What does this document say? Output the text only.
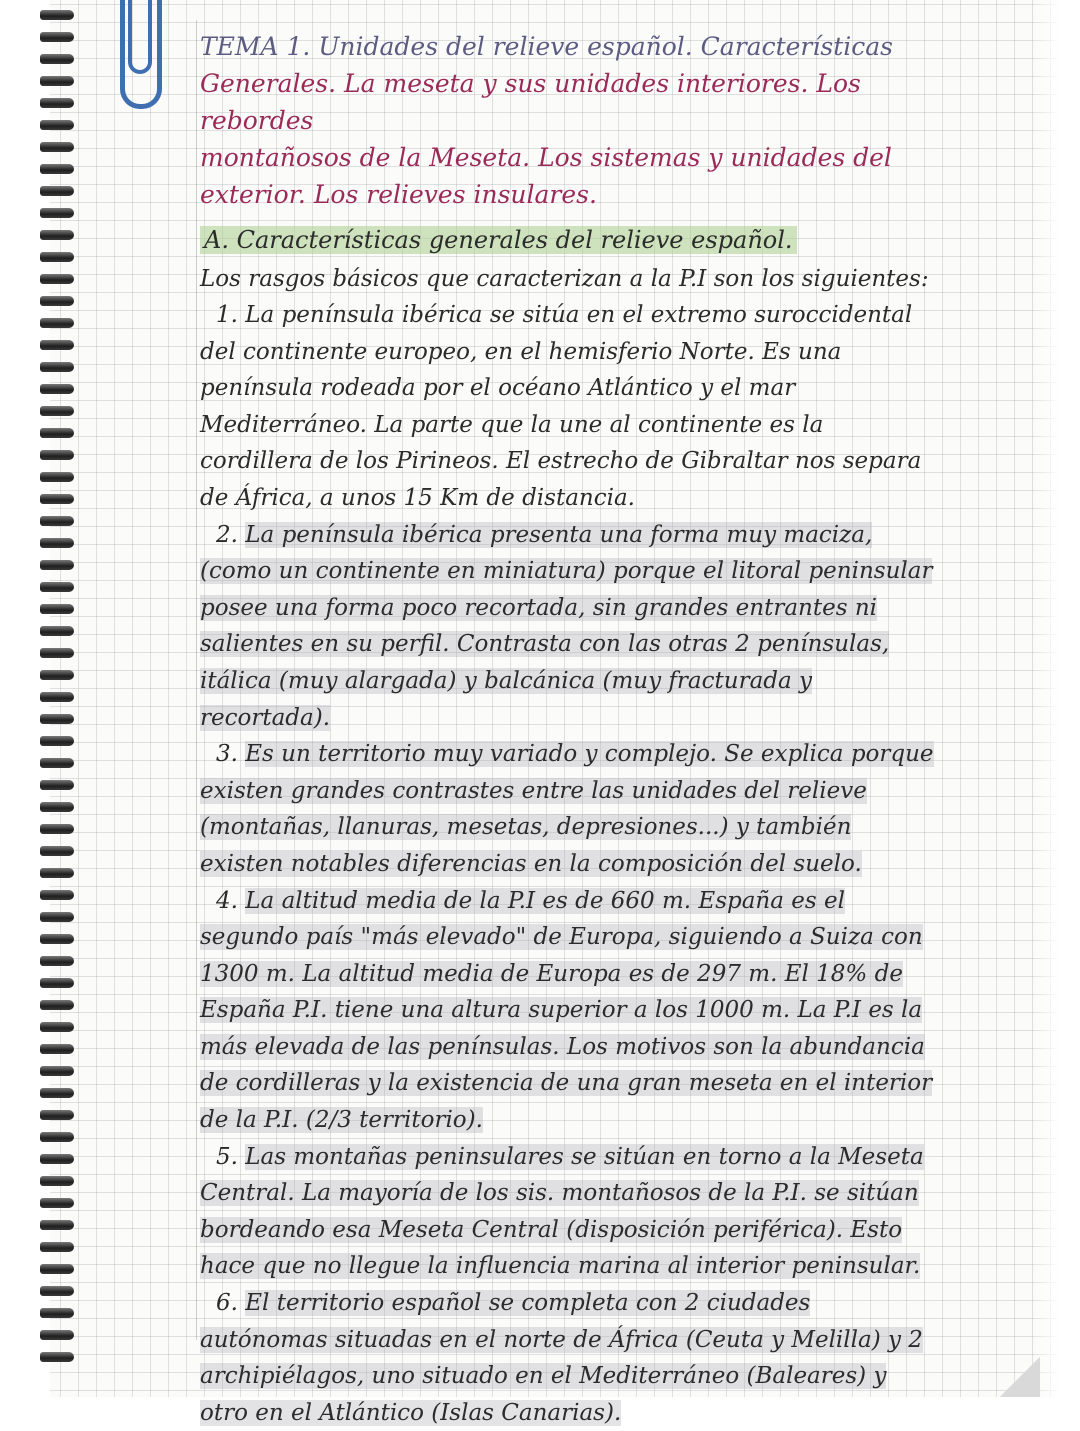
TEMA 1. Unidades del relieve español. Características

Generales. La meseta y sus unidades interiores. Los rebordes

montañosos de la Meseta. Los sistemas y unidades del

exterior. Los relieves insulares.

A. Características generales del relieve español.

Los rasgos básicos que caracterizan a la P.I son los siguientes:

1. La península ibérica se sitúa en el extremo suroccidental del continente europeo, en el hemisferio Norte. Es una península rodeada por el océano Atlántico y el mar Mediterráneo. La parte que la une al continente es la cordillera de los Pirineos. El estrecho de Gibraltar nos separa de África, a unos 15 Km de distancia.

2. La península ibérica presenta una forma muy maciza, (como un continente en miniatura) porque el litoral peninsular posee una forma poco recortada, sin grandes entrantes ni salientes en su perfil. Contrasta con las otras 2 penínsulas, itálica (muy alargada) y balcánica (muy fracturada y recortada).

3. Es un territorio muy variado y complejo. Se explica porque existen grandes contrastes entre las unidades del relieve (montañas, llanuras, mesetas, depresiones...) y también existen notables diferencias en la composición del suelo.

4. La altitud media de la P.I es de 660 m. España es el segundo país "más elevado" de Europa, siguiendo a Suiza con 1300 m. La altitud media de Europa es de 297 m. El 18% de España P.I. tiene una altura superior a los 1000 m. La P.I es la más elevada de las penínsulas. Los motivos son la abundancia de cordilleras y la existencia de una gran meseta en el interior de la P.I. (2/3 territorio).

5. Las montañas peninsulares se sitúan en torno a la Meseta Central. La mayoría de los sis. montañosos de la P.I. se sitúan bordeando esa Meseta Central (disposición periférica). Esto hace que no llegue la influencia marina al interior peninsular.

6. El territorio español se completa con 2 ciudades autónomas situadas en el norte de África (Ceuta y Melilla) y 2 archipiélagos, uno situado en el Mediterráneo (Baleares) y otro en el Atlántico (Islas Canarias).
